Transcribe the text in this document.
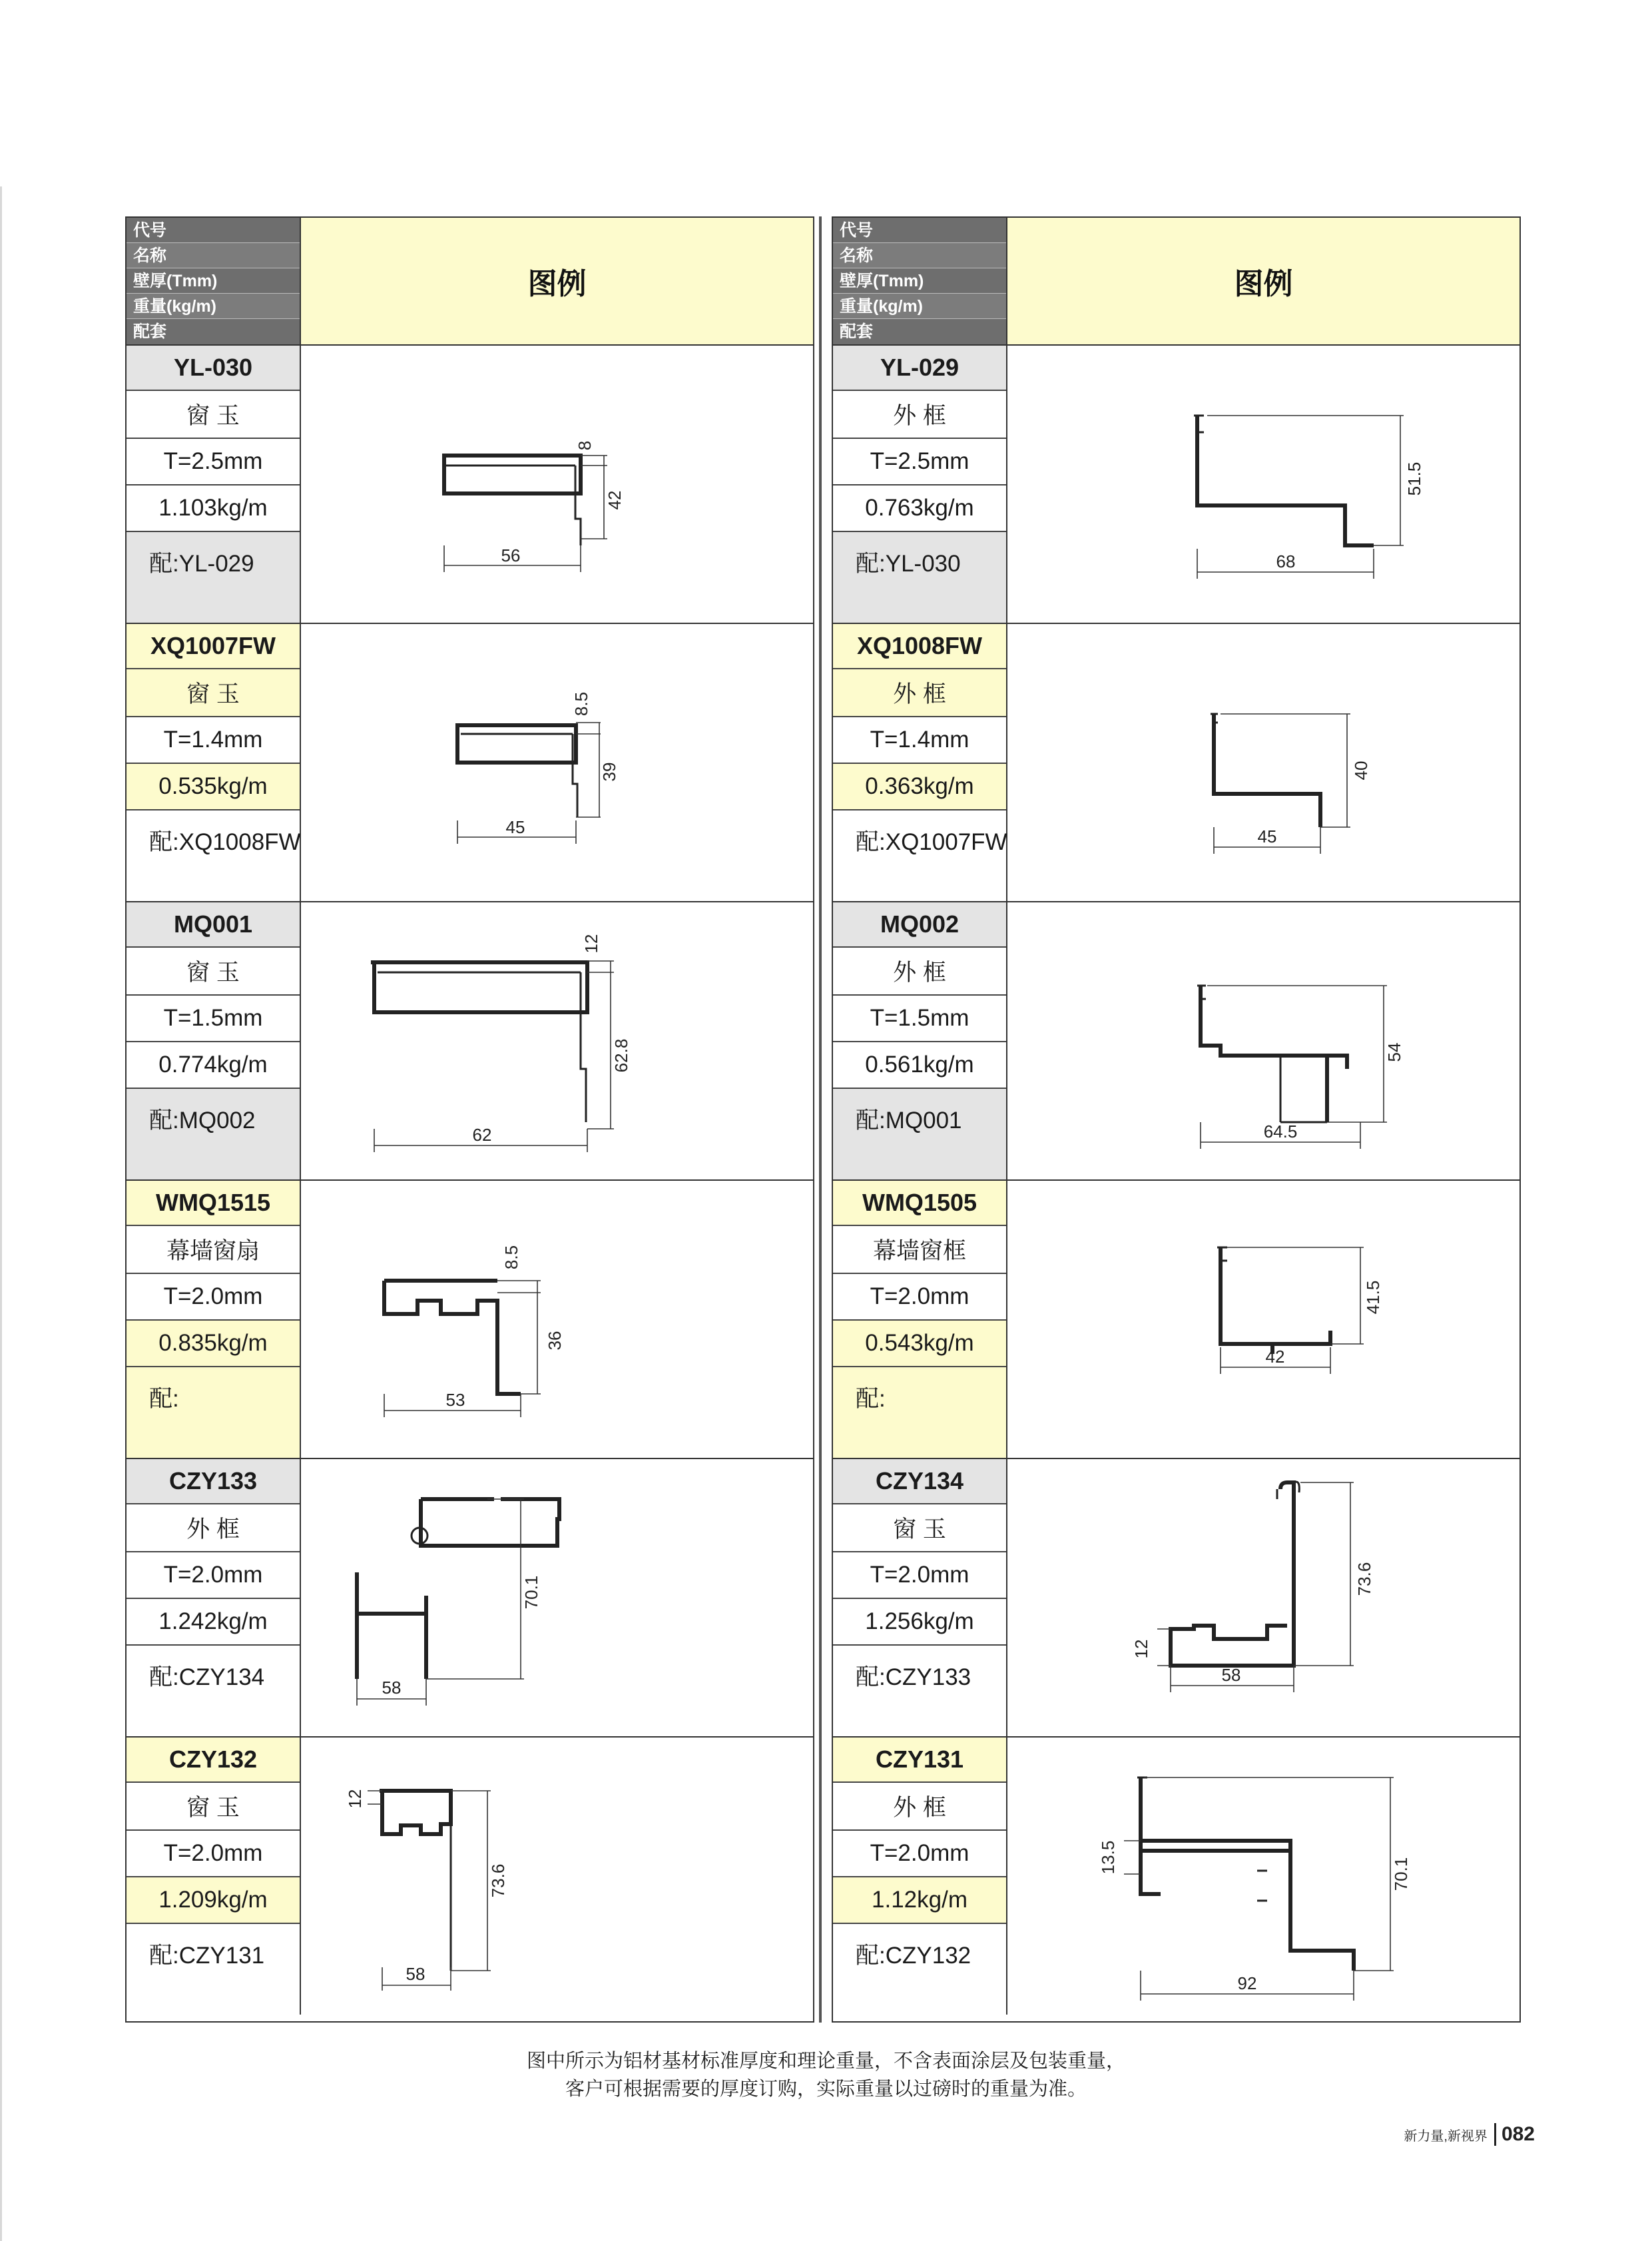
代号
名称
壁厚(Tmm)
重量(kg/m)
配套
图例
YL-030
窗 玉
T=2.5mm
1.103kg/m
配:YL-029
8
42
56
XQ1007FW
窗 玉
T=1.4mm
0.535kg/m
配:XQ1008FW
8.5
39
45
MQ001
窗 玉
T=1.5mm
0.774kg/m
配:MQ002
12
62.8
62
WMQ1515
幕墙窗扇
T=2.0mm
0.835kg/m
配:
8.5
36
53
CZY133
外 框
T=2.0mm
1.242kg/m
配:CZY134
70.1
58
CZY132
窗 玉
T=2.0mm
1.209kg/m
配:CZY131
12
73.6
58
代号
名称
壁厚(Tmm)
重量(kg/m)
配套
图例
YL-029
外 框
T=2.5mm
0.763kg/m
配:YL-030
51.5
68
XQ1008FW
外 框
T=1.4mm
0.363kg/m
配:XQ1007FW
40
45
MQ002
外 框
T=1.5mm
0.561kg/m
配:MQ001
54
64.5
WMQ1505
幕墙窗框
T=2.0mm
0.543kg/m
配:
41.5
42
CZY134
窗 玉
T=2.0mm
1.256kg/m
配:CZY133
12
73.6
58
CZY131
外 框
T=2.0mm
1.12kg/m
配:CZY132
13.5	70.1
92
图中所示为铝材基材标准厚度和理论重量，不含表面涂层及包装重量，
客户可根据需要的厚度订购，实际重量以过磅时的重量为准。
新力量,新视界 082
